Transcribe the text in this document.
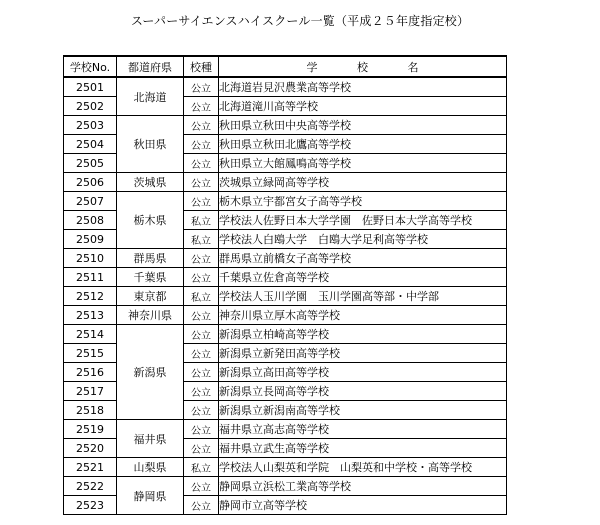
スーパーサイエンスハイスクール一覧（平成２５年度指定校）
学校No.	都道府県	校種	学 校 名
2501	北海道	公立	北海道岩見沢農業高等学校
2502		公立	北海道滝川高等学校
2503	秋田県	公立	秋田県立秋田中央高等学校
2504		公立	秋田県立秋田北鷹高等学校
2505		公立	秋田県立大館鳳鳴高等学校
2506	茨城県	公立	茨城県立緑岡高等学校
2507	栃木県	公立	栃木県立宇都宮女子高等学校
2508		私立	学校法人佐野日本大学学園　佐野日本大学高等学校
2509		私立	学校法人白鴎大学　白鴎大学足利高等学校
2510	群馬県	公立	群馬県立前橋女子高等学校
2511	千葉県	公立	千葉県立佐倉高等学校
2512	東京都	私立	学校法人玉川学園　玉川学園高等部・中学部
2513	神奈川県	公立	神奈川県立厚木高等学校
2514	新潟県	公立	新潟県立柏崎高等学校
2515		公立	新潟県立新発田高等学校
2516		公立	新潟県立高田高等学校
2517		公立	新潟県立長岡高等学校
2518		公立	新潟県立新潟南高等学校
2519	福井県	公立	福井県立高志高等学校
2520		公立	福井県立武生高等学校
2521	山梨県	私立	学校法人山梨英和学院　山梨英和中学校・高等学校
2522	静岡県	公立	静岡県立浜松工業高等学校
2523		公立	静岡市立高等学校
